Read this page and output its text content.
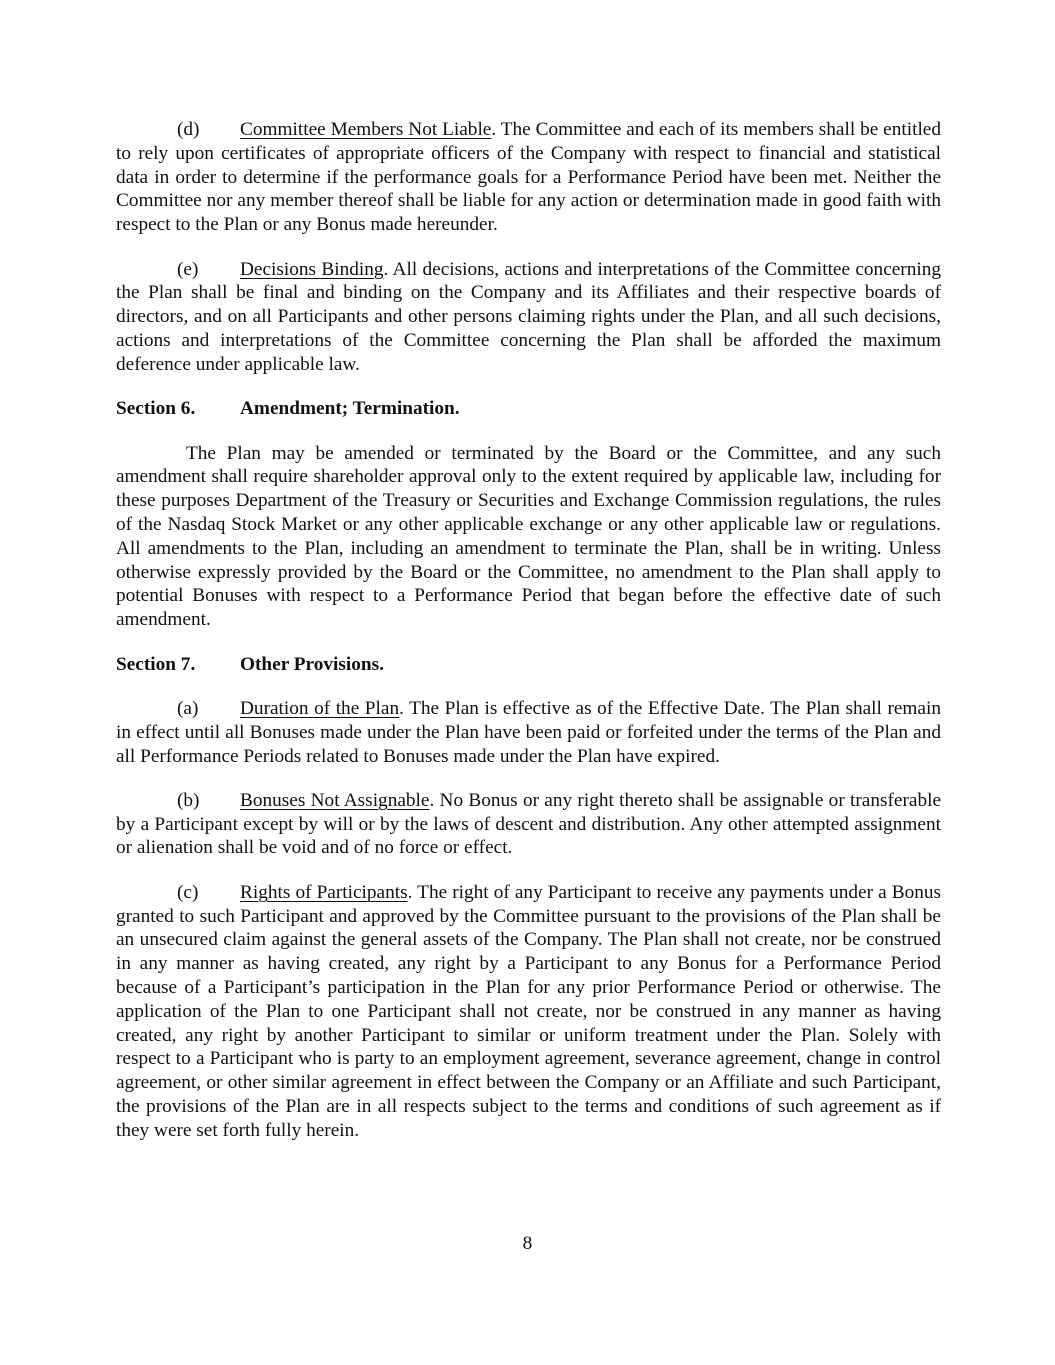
(d) Committee Members Not Liable. The Committee and each of its members shall be entitled to rely upon certificates of appropriate officers of the Company with respect to financial and statistical data in order to determine if the performance goals for a Performance Period have been met. Neither the Committee nor any member thereof shall be liable for any action or determination made in good faith with respect to the Plan or any Bonus made hereunder.

(e) Decisions Binding. All decisions, actions and interpretations of the Committee concerning the Plan shall be final and binding on the Company and its Affiliates and their respective boards of directors, and on all Participants and other persons claiming rights under the Plan, and all such decisions, actions and interpretations of the Committee concerning the Plan shall be afforded the maximum deference under applicable law.

Section 6. Amendment; Termination.

The Plan may be amended or terminated by the Board or the Committee, and any such amendment shall require shareholder approval only to the extent required by applicable law, including for these purposes Department of the Treasury or Securities and Exchange Commission regulations, the rules of the Nasdaq Stock Market or any other applicable exchange or any other applicable law or regulations. All amendments to the Plan, including an amendment to terminate the Plan, shall be in writing. Unless otherwise expressly provided by the Board or the Committee, no amendment to the Plan shall apply to potential Bonuses with respect to a Performance Period that began before the effective date of such amendment.

Section 7. Other Provisions.

(a) Duration of the Plan. The Plan is effective as of the Effective Date. The Plan shall remain in effect until all Bonuses made under the Plan have been paid or forfeited under the terms of the Plan and all Performance Periods related to Bonuses made under the Plan have expired.

(b) Bonuses Not Assignable. No Bonus or any right thereto shall be assignable or transferable by a Participant except by will or by the laws of descent and distribution. Any other attempted assignment or alienation shall be void and of no force or effect.

(c) Rights of Participants. The right of any Participant to receive any payments under a Bonus granted to such Participant and approved by the Committee pursuant to the provisions of the Plan shall be an unsecured claim against the general assets of the Company. The Plan shall not create, nor be construed in any manner as having created, any right by a Participant to any Bonus for a Performance Period because of a Participant’s participation in the Plan for any prior Performance Period or otherwise. The application of the Plan to one Participant shall not create, nor be construed in any manner as having created, any right by another Participant to similar or uniform treatment under the Plan. Solely with respect to a Participant who is party to an employment agreement, severance agreement, change in control agreement, or other similar agreement in effect between the Company or an Affiliate and such Participant, the provisions of the Plan are in all respects subject to the terms and conditions of such agreement as if they were set forth fully herein.

8
